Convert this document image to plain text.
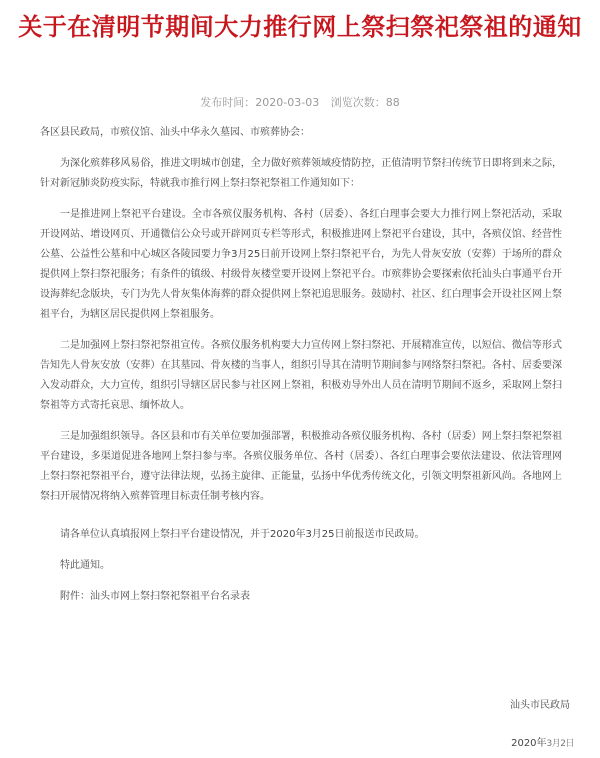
关于在清明节期间大力推行网上祭扫祭祀祭祖的通知
发布时间：2020-03-03 浏览次数：88

各区县民政局，市殡仪馆、汕头中华永久墓园、市殡葬协会：

为深化殡葬移风易俗，推进文明城市创建，全力做好殡葬领域疫情防控，正值清明节祭扫传统节日即将到来之际，针对新冠肺炎防疫实际，特就我市推行网上祭扫祭祀祭祖工作通知如下：

一是推进网上祭祀平台建设。全市各殡仪服务机构、各村（居委）、各红白理事会要大力推行网上祭祀活动，采取开设网站、增设网页、开通微信公众号或开辟网页专栏等形式，积极推进网上祭祀平台建设，其中，各殡仪馆、经营性公墓、公益性公墓和中心城区各陵园要力争3月25日前开设网上祭扫祭祀平台，为先人骨灰安放（安葬）于场所的群众提供网上祭扫祭祀服务；有条件的镇级、村级骨灰楼堂要开设网上祭祀平台。市殡葬协会要探索依托汕头白事通平台开设海葬纪念版块，专门为先人骨灰集体海葬的群众提供网上祭祀追思服务。鼓励村、社区、红白理事会开设社区网上祭祖平台，为辖区居民提供网上祭祖服务。

二是加强网上祭扫祭祀祭祖宣传。各殡仪服务机构要大力宣传网上祭扫祭祀、开展精准宣传，以短信、微信等形式告知先人骨灰安放（安葬）在其墓园、骨灰楼的当事人，组织引导其在清明节期间参与网络祭扫祭祀。各村、居委要深入发动群众，大力宣传，组织引导辖区居民参与社区网上祭祖，积极劝导外出人员在清明节期间不返乡，采取网上祭扫祭祖等方式寄托哀思、缅怀故人。

三是加强组织领导。各区县和市有关单位要加强部署，积极推动各殡仪服务机构、各村（居委）网上祭扫祭祀祭祖平台建设，多渠道促进各地网上祭扫参与率。各殡仪服务单位、各村（居委）、各红白理事会要依法建设、依法管理网上祭扫祭祀祭祖平台，遵守法律法规，弘扬主旋律、正能量，弘扬中华优秀传统文化，引领文明祭祖新风尚。各地网上祭扫开展情况将纳入殡葬管理目标责任制考核内容。

请各单位认真填报网上祭扫平台建设情况，并于2020年3月25日前报送市民政局。

特此通知。

附件：汕头市网上祭扫祭祀祭祖平台名录表

汕头市民政局
2020年3月2日
